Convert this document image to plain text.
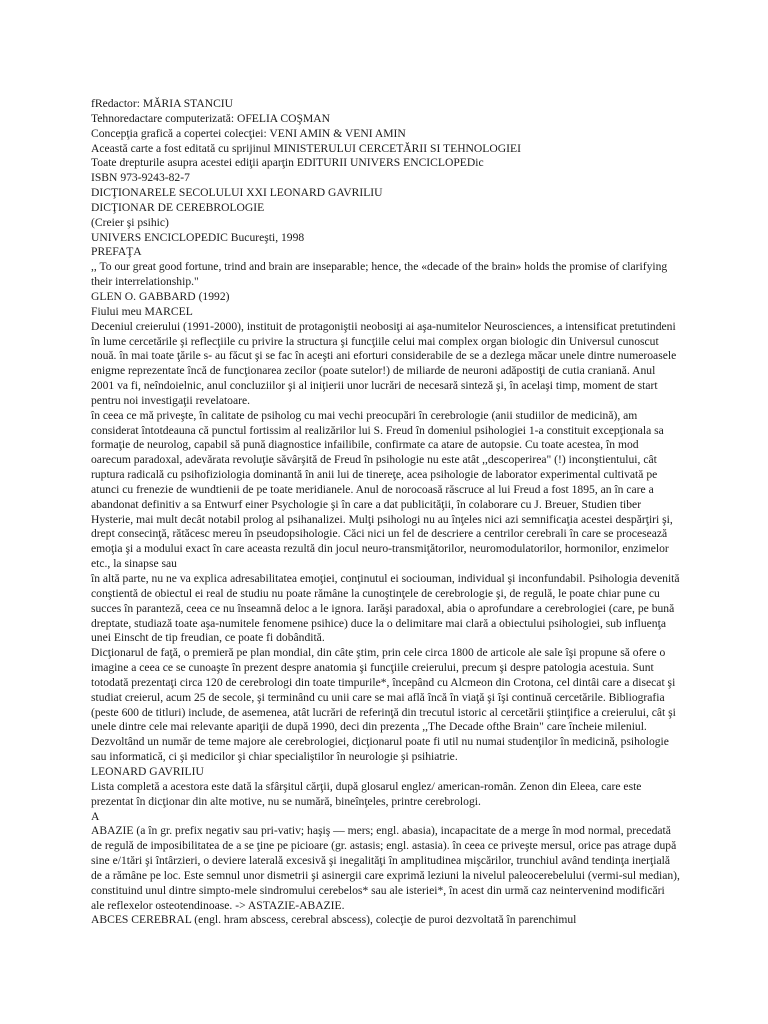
fRedactor: MĂRIA STANCIU

Tehnoredactare computerizată: OFELIA COŞMAN

Concepţia grafică a copertei colecţiei: VENI AMIN & VENI AMIN

Această carte a fost editată cu sprijinul MINISTERULUI CERCETĂRII SI TEHNOLOGIEI

Toate drepturile asupra acestei ediţii aparţin EDITURII UNIVERS ENCICLOPEDic

ISBN 973-9243-82-7

DICŢIONARELE SECOLULUI XXI LEONARD GAVRILIU

DICŢIONAR DE CEREBROLOGIE

(Creier şi psihic)

UNIVERS ENCICLOPEDIC Bucureşti, 1998

PREFAŢA

,, To our great good fortune, trind and brain are inseparable; hence, the «decade of the brain» holds the promise of clarifying their interrelationship."

GLEN O. GABBARD (1992)

Fiului meu MARCEL

Deceniul creierului (1991-2000), instituit de protagoniştii neobosiţi ai aşa-numitelor Neurosciences, a intensificat pretutindeni în lume cercetările şi reflecţiile cu privire la structura şi funcţiile celui mai complex organ biologic din Universul cunoscut nouă. în mai toate ţările s- au făcut şi se fac în aceşti ani eforturi considerabile de se a dezlega măcar unele dintre numeroasele enigme reprezentate încă de funcţionarea zecilor (poate sutelor!) de miliarde de neuroni adăpostiţi de cutia craniană. Anul 2001 va fi, neîndoielnic, anul concluziilor şi al iniţierii unor lucrări de necesară sinteză şi, în acelaşi timp, moment de start pentru noi investigaţii revelatoare.

în ceea ce mă priveşte, în calitate de psiholog cu mai vechi preocupări în cerebrologie (anii studiilor de medicină), am considerat întotdeauna că punctul fortissim al realizărilor lui S. Freud în domeniul psihologiei 1-a constituit excepţionala sa formaţie de neurolog, capabil să pună diagnostice infailibile, confirmate ca atare de autopsie. Cu toate acestea, în mod oarecum paradoxal, adevărata revoluţie săvârşită de Freud în psihologie nu este atât ,,descoperirea" (!) inconştientului, cât ruptura radicală cu psihofiziologia dominantă în anii lui de tinereţe, acea psihologie de laborator experimental cultivată pe atunci cu frenezie de wundtienii de pe toate meridianele. Anul de norocoasă răscruce al lui Freud a fost 1895, an în care a abandonat definitiv a sa Entwurf einer Psychologie şi în care a dat publicităţii, în colaborare cu J. Breuer, Studien tiber Hysterie, mai mult decât notabil prolog al psihanalizei. Mulţi psihologi nu au înţeles nici azi semnificaţia acestei despărţiri şi, drept consecinţă, rătăcesc mereu în pseudopsihologie. Căci nici un fel de descriere a centrilor cerebrali în care se procesează emoţia şi a modului exact în care aceasta rezultă din jocul neuro-transmiţătorilor, neuromodulatorilor, hormonilor, enzimelor etc., la sinapse sau

în altă parte, nu ne va explica adresabilitatea emoţiei, conţinutul ei sociouman, individual şi inconfundabil. Psihologia devenită conştientă de obiectul ei real de studiu nu poate rămâne la cunoştinţele de cerebrologie şi, de regulă, le poate chiar pune cu succes în paranteză, ceea ce nu înseamnă deloc a le ignora. Iarăşi paradoxal, abia o aprofundare a cerebrologiei (care, pe bună dreptate, studiază toate aşa-numitele fenomene psihice) duce la o delimitare mai clară a obiectului psihologiei, sub influenţa unei Einscht de tip freudian, ce poate fi dobândită.

Dicţionarul de faţă, o premieră pe plan mondial, din câte ştim, prin cele circa 1800 de articole ale sale îşi propune să ofere o imagine a ceea ce se cunoaşte în prezent despre anatomia şi funcţiile creierului, precum şi despre patologia acestuia. Sunt totodată prezentaţi circa 120 de cerebrologi din toate timpurile*, începând cu Alcmeon din Crotona, cel dintâi care a disecat şi studiat creierul, acum 25 de secole, şi terminând cu unii care se mai află încă în viaţă şi îşi continuă cercetările. Bibliografia (peste 600 de titluri) include, de asemenea, atât lucrări de referinţă din trecutul istoric al cercetării ştiinţifice a creierului, cât şi unele dintre cele mai relevante apariţii de după 1990, deci din prezenta ,,The Decade ofthe Brain" care încheie mileniul. Dezvoltând un număr de teme majore ale cerebrologiei, dicţionarul poate fi util nu numai studenţilor în medicină, psihologie sau informatică, ci şi medicilor şi chiar specialiştilor în neurologie şi psihiatrie.

LEONARD GAVRILIU

Lista completă a acestora este dată la sfârşitul cărţii, după glosarul englez/ american-român. Zenon din Eleea, care este prezentat în dicţionar din alte motive, nu se numără, bineînţeles, printre cerebrologi.

A

ABAZIE (a în gr. prefix negativ sau pri-vativ; haşiş — mers; engl. abasia), incapacitate de a merge în mod normal, precedată de regulă de imposibilitatea de a se ţine pe picioare (gr. astasis; engl. astasia). în ceea ce priveşte mersul, orice pas atrage după sine e/1tări şi întârzieri, o deviere laterală excesivă şi inegalităţi în amplitudinea mişcărilor, trunchiul având tendinţa inerţială de a rămâne pe loc. Este semnul unor dismetrii şi asinergii care exprimă leziuni la nivelul paleocerebelului (vermi-sul median), constituind unul dintre simpto-mele sindromului cerebelos* sau ale isteriei*, în acest din urmă caz neintervenind modificări ale reflexelor osteotendinoase. -> ASTAZIE-ABAZIE.

ABCES CEREBRAL (engl. hram abscess, cerebral abscess), colecţie de puroi dezvoltată în parenchimul
